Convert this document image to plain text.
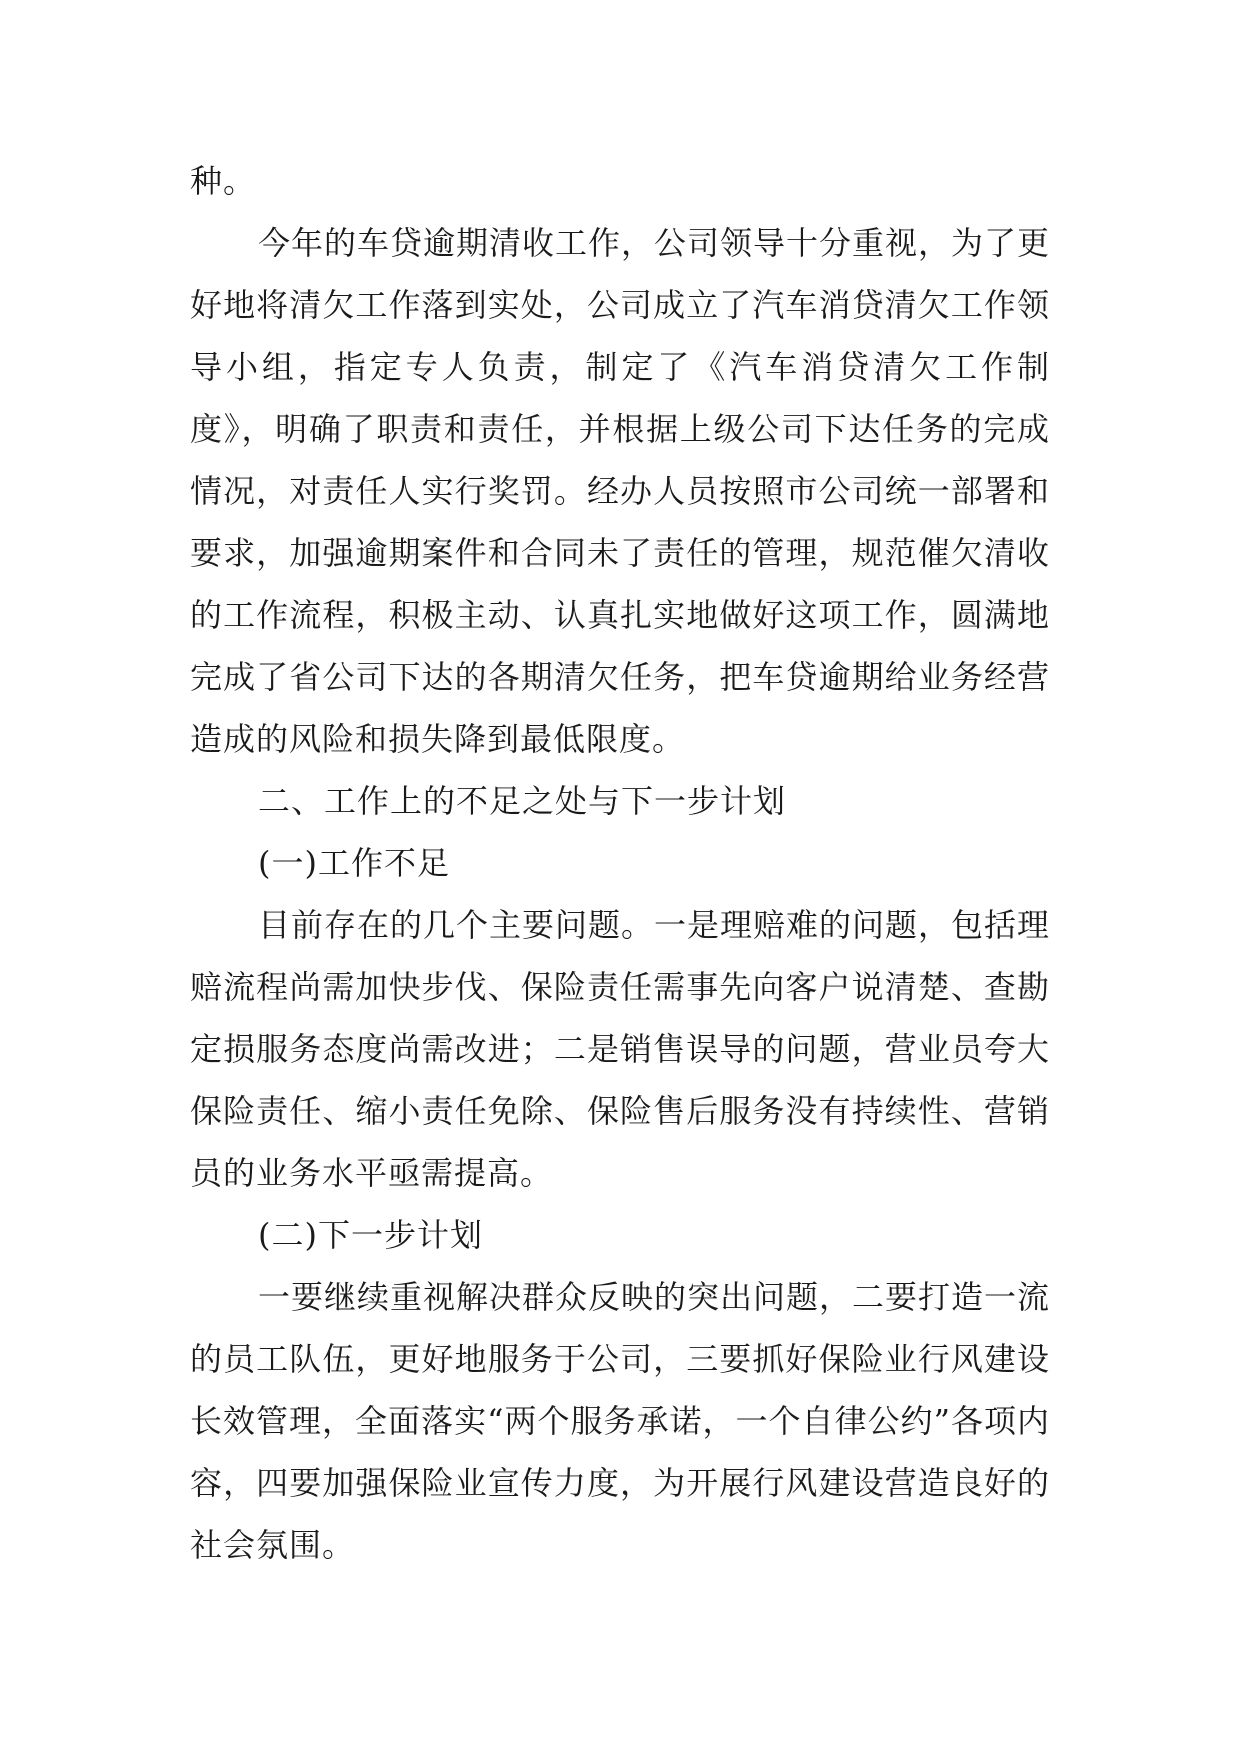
种。

今年的车贷逾期清收工作，公司领导十分重视，为了更好地将清欠工作落到实处，公司成立了汽车消贷清欠工作领导小组，指定专人负责，制定了《汽车消贷清欠工作制度》，明确了职责和责任，并根据上级公司下达任务的完成情况，对责任人实行奖罚。经办人员按照市公司统一部署和要求，加强逾期案件和合同未了责任的管理，规范催欠清收的工作流程，积极主动、认真扎实地做好这项工作，圆满地完成了省公司下达的各期清欠任务，把车贷逾期给业务经营造成的风险和损失降到最低限度。

二、工作上的不足之处与下一步计划

(一)工作不足

目前存在的几个主要问题。一是理赔难的问题，包括理赔流程尚需加快步伐、保险责任需事先向客户说清楚、查勘定损服务态度尚需改进；二是销售误导的问题，营业员夸大保险责任、缩小责任免除、保险售后服务没有持续性、营销员的业务水平亟需提高。

(二)下一步计划

一要继续重视解决群众反映的突出问题，二要打造一流的员工队伍，更好地服务于公司，三要抓好保险业行风建设长效管理，全面落实“两个服务承诺，一个自律公约”各项内容，四要加强保险业宣传力度，为开展行风建设营造良好的社会氛围。
